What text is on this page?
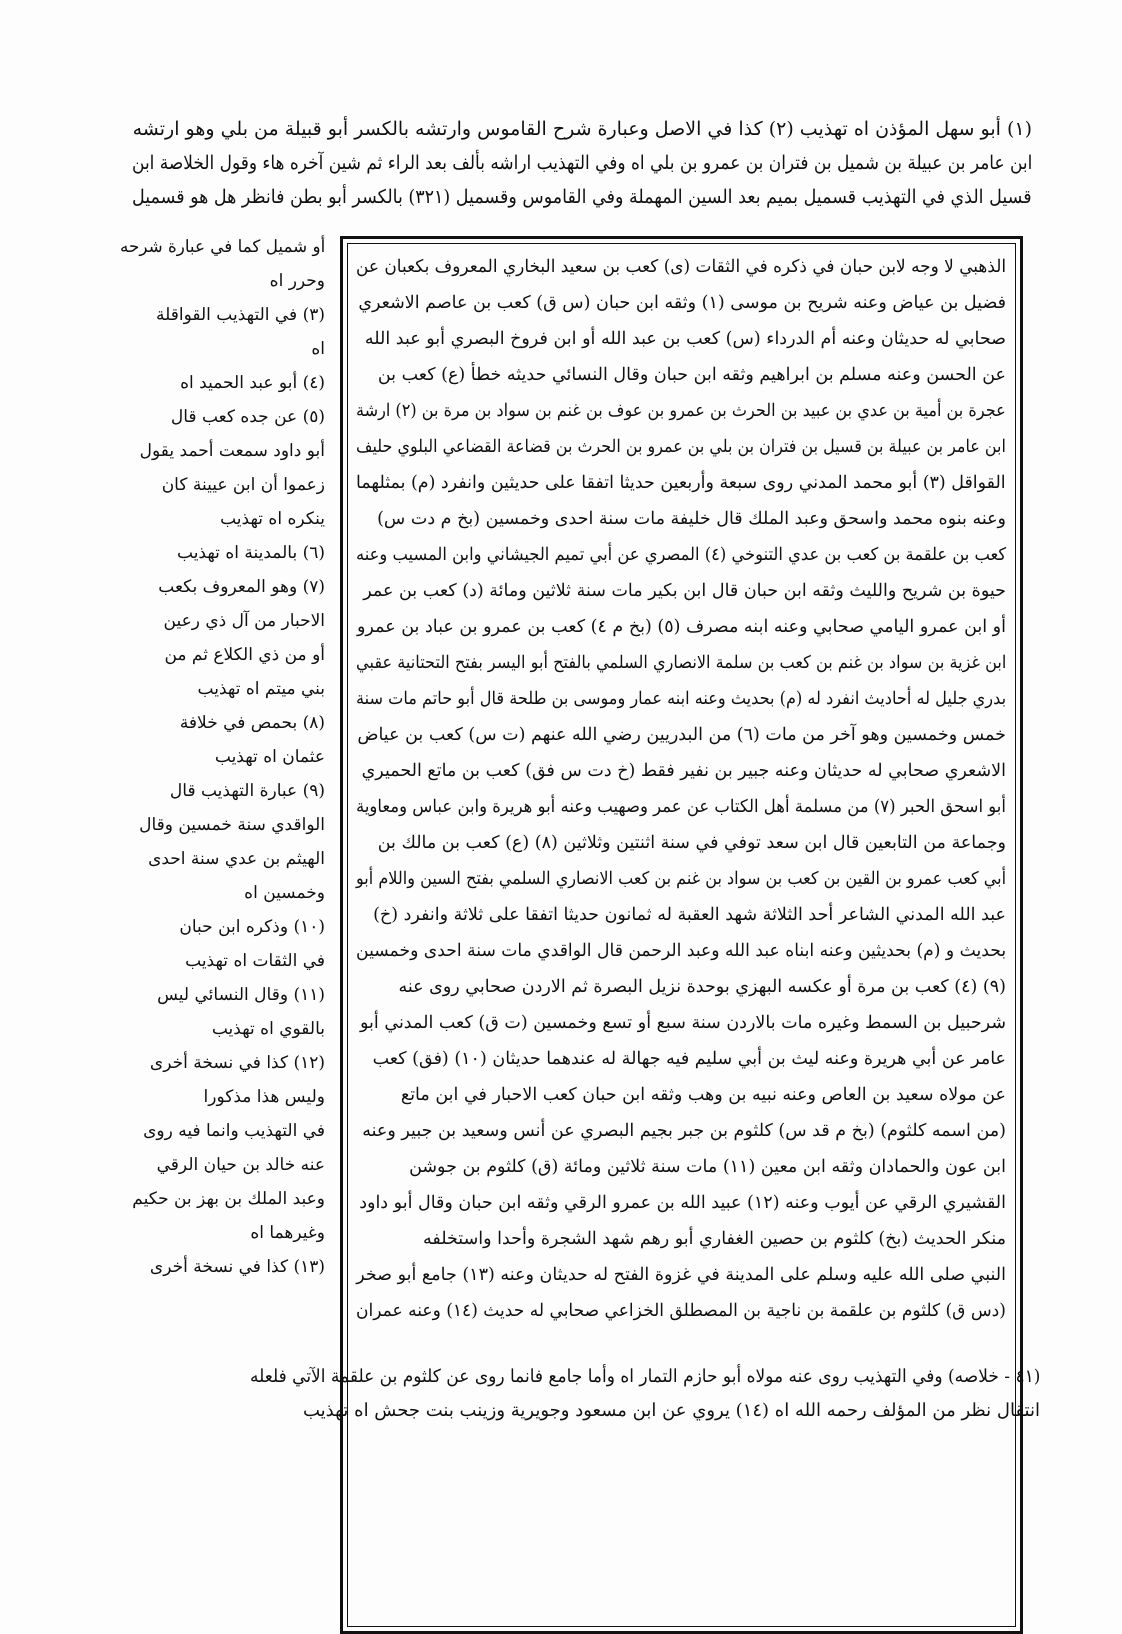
(١) أبو سهل المؤذن اه تهذيب (٢) كذا في الاصل وعبارة شرح القاموس وارتشه بالكسر أبو قبيلة من بلي وهو ارتشه
ابن عامر بن عبيلة بن شميل بن فتران بن عمرو بن بلي اه وفي التهذيب اراشه بألف بعد الراء ثم شين آخره هاء وقول الخلاصة ابن
قسيل الذي في التهذيب قسميل بميم بعد السين المهملة وفي القاموس وقسميل (٣٢١) بالكسر أبو بطن فانظر هل هو قسميل
الذهبي لا وجه لابن حبان في ذكره في الثقات (ى) كعب بن سعيد البخاري المعروف بكعبان عن
فضيل بن عياض وعنه شريح بن موسى (١) وثقه ابن حبان (س ق) كعب بن عاصم الاشعري
صحابي له حديثان وعنه أم الدرداء (س) كعب بن عبد الله أو ابن فروخ البصري أبو عبد الله
عن الحسن وعنه مسلم بن ابراهيم وثقه ابن حبان وقال النسائي حديثه خطأ (ع) كعب بن
عجرة بن أمية بن عدي بن عبيد بن الحرث بن عمرو بن عوف بن غنم بن سواد بن مرة بن (٢) ارشة
ابن عامر بن عبيلة بن قسيل بن فتران بن بلي بن عمرو بن الحرث بن قضاعة القضاعي البلوي حليف
القواقل (٣) أبو محمد المدني روى سبعة وأربعين حديثا اتفقا على حديثين وانفرد (م) بمثلهما
وعنه بنوه محمد واسحق وعبد الملك قال خليفة مات سنة احدى وخمسين (بخ م دت س)
كعب بن علقمة بن كعب بن عدي التنوخي (٤) المصري عن أبي تميم الجيشاني وابن المسيب وعنه
حيوة بن شريح والليث وثقه ابن حبان قال ابن بكير مات سنة ثلاثين ومائة (د) كعب بن عمر
أو ابن عمرو اليامي صحابي وعنه ابنه مصرف (٥) (بخ م ٤) كعب بن عمرو بن عباد بن عمرو
ابن غزية بن سواد بن غنم بن كعب بن سلمة الانصاري السلمي بالفتح أبو اليسر بفتح التحتانية عقبي
بدري جليل له أحاديث انفرد له (م) بحديث وعنه ابنه عمار وموسى بن طلحة قال أبو حاتم مات سنة
خمس وخمسين وهو آخر من مات (٦) من البدريين رضي الله عنهم (ت س) كعب بن عياض
الاشعري صحابي له حديثان وعنه جبير بن نفير فقط (خ دت س فق) كعب بن ماتع الحميري
أبو اسحق الحبر (٧) من مسلمة أهل الكتاب عن عمر وصهيب وعنه أبو هريرة وابن عباس ومعاوية
وجماعة من التابعين قال ابن سعد توفي في سنة اثنتين وثلاثين (٨) (ع) كعب بن مالك بن
أبي كعب عمرو بن القين بن كعب بن سواد بن غنم بن كعب الانصاري السلمي بفتح السين واللام أبو
عبد الله المدني الشاعر أحد الثلاثة شهد العقبة له ثمانون حديثا اتفقا على ثلاثة وانفرد (خ)
بحديث و (م) بحديثين وعنه ابناه عبد الله وعبد الرحمن قال الواقدي مات سنة احدى وخمسين
(٩) (٤) كعب بن مرة أو عكسه البهزي بوحدة نزيل البصرة ثم الاردن صحابي روى عنه
شرحبيل بن السمط وغيره مات بالاردن سنة سبع أو تسع وخمسين (ت ق) كعب المدني أبو
عامر عن أبي هريرة وعنه ليث بن أبي سليم فيه جهالة له عندهما حديثان (١٠) (فق) كعب
عن مولاه سعيد بن العاص وعنه نبيه بن وهب وثقه ابن حبان كعب الاحبار في ابن ماتع
(من اسمه كلثوم) (بخ م قد س) كلثوم بن جبر بجيم البصري عن أنس وسعيد بن جبير وعنه
ابن عون والحمادان وثقه ابن معين (١١) مات سنة ثلاثين ومائة (ق) كلثوم بن جوشن
القشيري الرقي عن أيوب وعنه (١٢) عبيد الله بن عمرو الرقي وثقه ابن حبان وقال أبو داود
منكر الحديث (بخ) كلثوم بن حصين الغفاري أبو رهم شهد الشجرة وأحدا واستخلفه
النبي صلى الله عليه وسلم على المدينة في غزوة الفتح له حديثان وعنه (١٣) جامع أبو صخر
(دس ق) كلثوم بن علقمة بن ناجية بن المصطلق الخزاعي صحابي له حديث (١٤) وعنه عمران
أو شميل كما في عبارة شرحه
وحرر اه
(٣) في التهذيب القواقلة
اه
(٤) أبو عبد الحميد اه
(٥) عن جده كعب قال
أبو داود سمعت أحمد يقول
زعموا أن ابن عيينة كان
ينكره اه تهذيب
(٦) بالمدينة اه تهذيب
(٧) وهو المعروف بكعب
الاحبار من آل ذي رعين
أو من ذي الكلاع ثم من
بني ميتم اه تهذيب
(٨) بحمص في خلافة
عثمان اه تهذيب
(٩) عبارة التهذيب قال
الواقدي سنة خمسين وقال
الهيثم بن عدي سنة احدى
وخمسين اه
(١٠) وذكره ابن حبان
في الثقات اه تهذيب
(١١) وقال النسائي ليس
بالقوي اه تهذيب
(١٢) كذا في نسخة أخرى
وليس هذا مذكورا
في التهذيب وانما فيه روى
عنه خالد بن حيان الرقي
وعبد الملك بن بهز بن حكيم
وغيرهما اه
(١٣) كذا في نسخة أخرى
(٤١ - خلاصه) وفي التهذيب روى عنه مولاه أبو حازم التمار اه وأما جامع فانما روى عن كلثوم بن علقمة الآتي فلعله
انتقال نظر من المؤلف رحمه الله اه (١٤) يروي عن ابن مسعود وجويرية وزينب بنت جحش اه تهذيب
